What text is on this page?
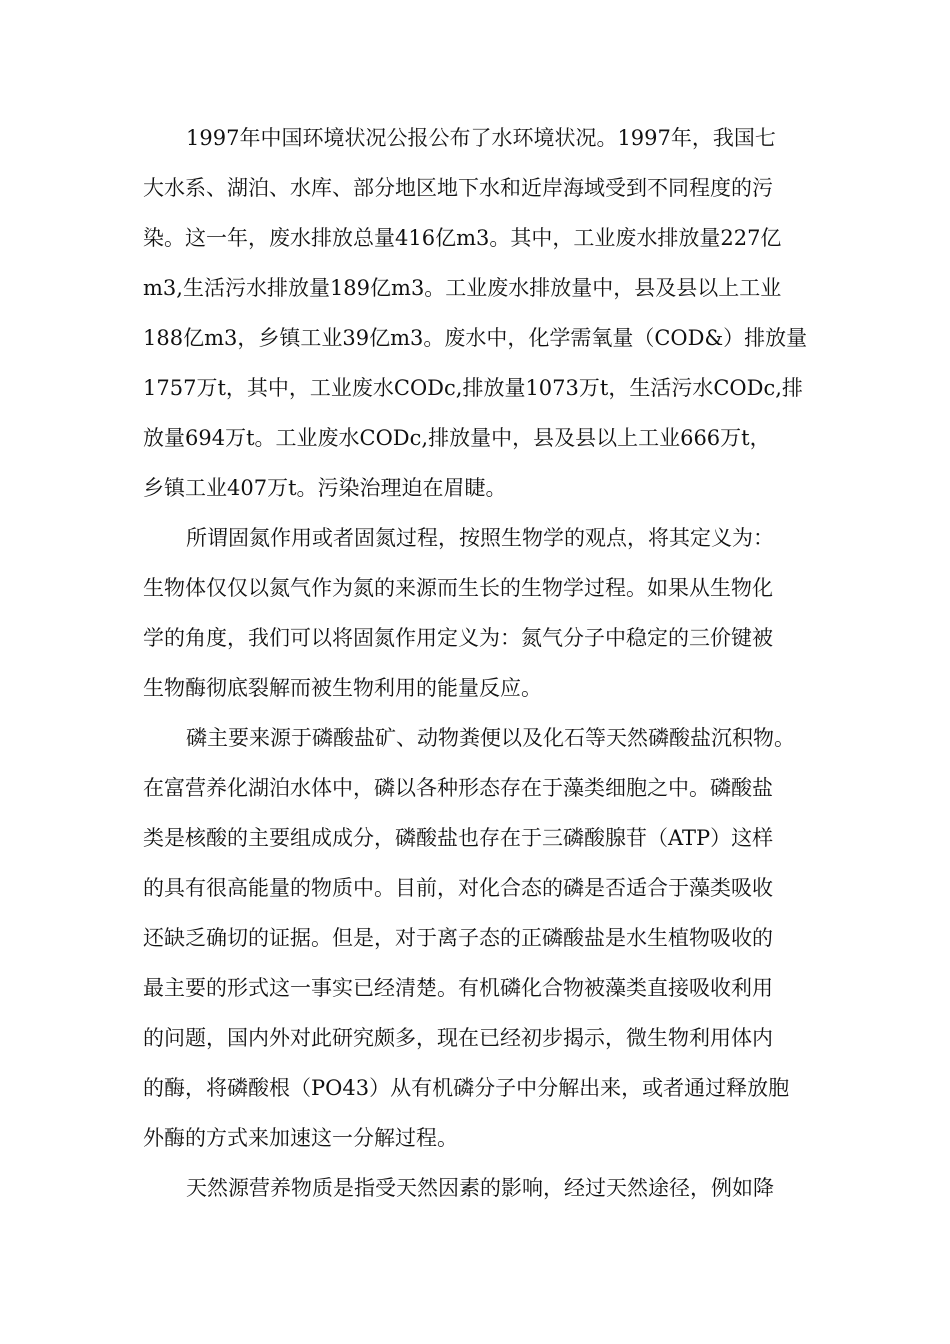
1997年中国环境状况公报公布了水环境状况。1997年，我国七
大水系、湖泊、水库、部分地区地下水和近岸海域受到不同程度的污
染。这一年，废水排放总量416亿m3。其中，工业废水排放量227亿
m3,生活污水排放量189亿m3。工业废水排放量中，县及县以上工业
188亿m3，乡镇工业39亿m3。废水中，化学需氧量（COD&）排放量
1757万t，其中，工业废水CODc,排放量1073万t，生活污水CODc,排
放量694万t。工业废水CODc,排放量中，县及县以上工业666万t，
乡镇工业407万t。污染治理迫在眉睫。
所谓固氮作用或者固氮过程，按照生物学的观点，将其定义为：
生物体仅仅以氮气作为氮的来源而生长的生物学过程。如果从生物化
学的角度，我们可以将固氮作用定义为：氮气分子中稳定的三价键被
生物酶彻底裂解而被生物利用的能量反应。
磷主要来源于磷酸盐矿、动物粪便以及化石等天然磷酸盐沉积物。
在富营养化湖泊水体中，磷以各种形态存在于藻类细胞之中。磷酸盐
类是核酸的主要组成成分，磷酸盐也存在于三磷酸腺苷（ATP）这样
的具有很高能量的物质中。目前，对化合态的磷是否适合于藻类吸收
还缺乏确切的证据。但是，对于离子态的正磷酸盐是水生植物吸收的
最主要的形式这一事实已经清楚。有机磷化合物被藻类直接吸收利用
的问题，国内外对此研究颇多，现在已经初步揭示，微生物利用体内
的酶，将磷酸根（PO43）从有机磷分子中分解出来，或者通过释放胞
外酶的方式来加速这一分解过程。
天然源营养物质是指受天然因素的影响，经过天然途径，例如降
